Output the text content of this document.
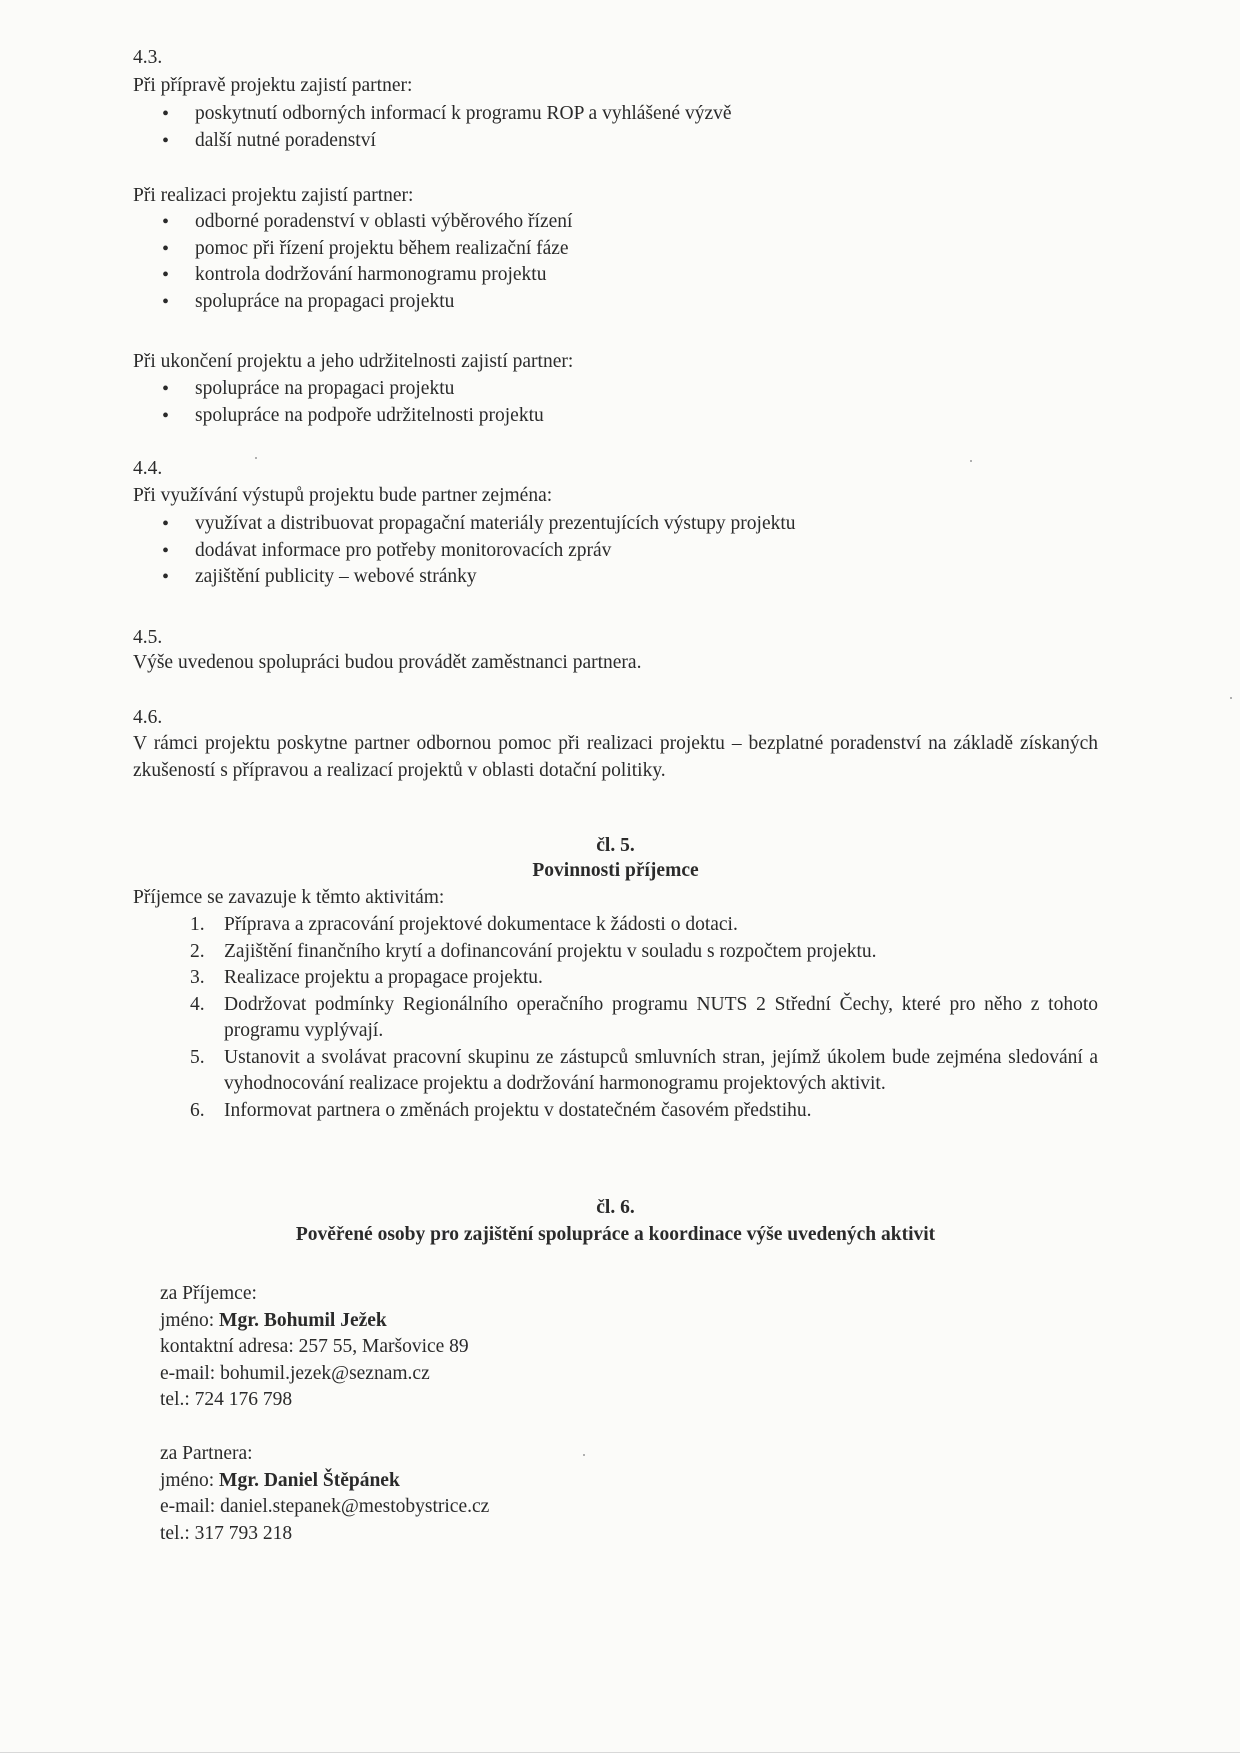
4.3.
Při přípravě projektu zajistí partner:
• poskytnutí odborných informací k programu ROP a vyhlášené výzvě
• další nutné poradenství
Při realizaci projektu zajistí partner:
• odborné poradenství v oblasti výběrového řízení
• pomoc při řízení projektu během realizační fáze
• kontrola dodržování harmonogramu projektu
• spolupráce na propagaci projektu
Při ukončení projektu a jeho udržitelnosti zajistí partner:
• spolupráce na propagaci projektu
• spolupráce na podpoře udržitelnosti projektu
4.4.
Při využívání výstupů projektu bude partner zejména:
• využívat a distribuovat propagační materiály prezentujících výstupy projektu
• dodávat informace pro potřeby monitorovacích zpráv
• zajištění publicity – webové stránky
4.5.
Výše uvedenou spolupráci budou provádět zaměstnanci partnera.
4.6.
V rámci projektu poskytne partner odbornou pomoc při realizaci projektu – bezplatné poradenství na základě získaných zkušeností s přípravou a realizací projektů v oblasti dotační politiky.
čl. 5.
Povinnosti příjemce
Příjemce se zavazuje k těmto aktivitám:
1. Příprava a zpracování projektové dokumentace k žádosti o dotaci.
2. Zajištění finančního krytí a dofinancování projektu v souladu s rozpočtem projektu.
3. Realizace projektu a propagace projektu.
4. Dodržovat podmínky Regionálního operačního programu NUTS 2 Střední Čechy, které pro něho z tohoto programu vyplývají.
5. Ustanovit a svolávat pracovní skupinu ze zástupců smluvních stran, jejímž úkolem bude zejména sledování a vyhodnocování realizace projektu a dodržování harmonogramu projektových aktivit.
6. Informovat partnera o změnách projektu v dostatečném časovém předstihu.
čl. 6.
Pověřené osoby pro zajištění spolupráce a koordinace výše uvedených aktivit
za Příjemce:
jméno: Mgr. Bohumil Ježek
kontaktní adresa: 257 55, Maršovice 89
e-mail: bohumil.jezek@seznam.cz
tel.: 724 176 798
za Partnera:
jméno: Mgr. Daniel Štěpánek
e-mail: daniel.stepanek@mestobystrice.cz
tel.: 317 793 218
